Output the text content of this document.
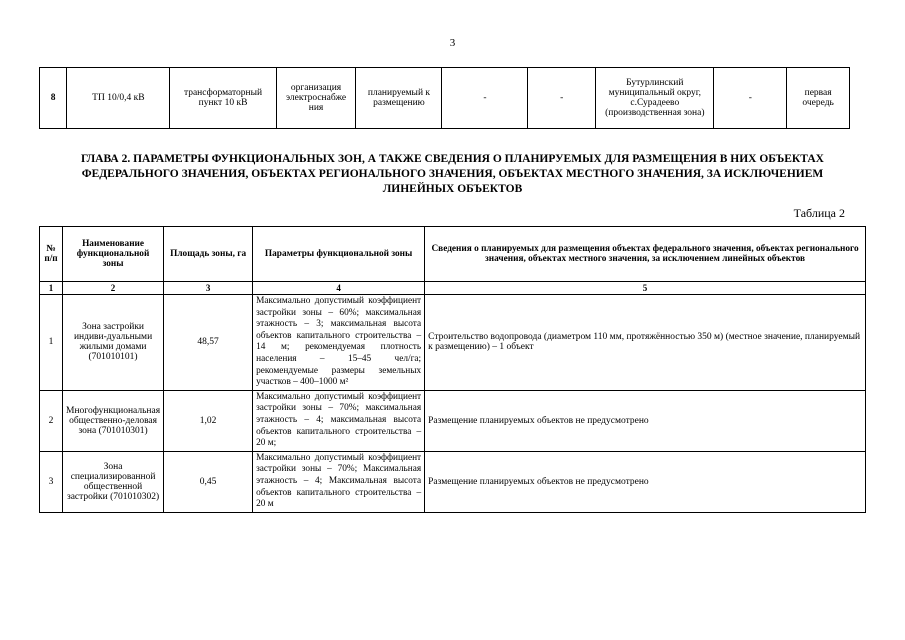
3
8	ТП 10/0,4 кВ	трансформаторный пункт 10 кВ	организация электроснабже ния	планируемый к размещению	-	-	Бутурлинский муниципальный округ, с.Сурадеево (производственная зона)	-	первая очередь
ГЛАВА 2. ПАРАМЕТРЫ ФУНКЦИОНАЛЬНЫХ ЗОН, А ТАКЖЕ СВЕДЕНИЯ О ПЛАНИРУЕМЫХ ДЛЯ РАЗМЕЩЕНИЯ В НИХ ОБЪЕКТАХ ФЕДЕРАЛЬНОГО ЗНАЧЕНИЯ, ОБЪЕКТАХ РЕГИОНАЛЬНОГО ЗНАЧЕНИЯ, ОБЪЕКТАХ МЕСТНОГО ЗНАЧЕНИЯ, ЗА ИСКЛЮЧЕНИЕМ ЛИНЕЙНЫХ ОБЪЕКТОВ
Таблица 2
№ п/п	Наименование функциональной зоны	Площадь зоны, га	Параметры функциональной зоны	Сведения о планируемых для размещения объектах федерального значения, объектах регионального значения, объектах местного значения, за исключением линейных объектов
1	2	3	4	5
1	Зона застройки индиви-дуальными жилыми домами (701010101)	48,57	Максимально допустимый коэффициент застройки зоны – 60%; максимальная этажность – 3; максимальная высота объектов капитального строительства – 14 м; рекомендуемая плотность населения – 15–45 чел/га; рекомендуемые размеры земельных участков – 400–1000 м²	Строительство водопровода (диаметром 110 мм, протяжённостью 350 м) (местное значение, планируемый к размещению) – 1 объект
2	Многофункциональная общественно-деловая зона (701010301)	1,02	Максимально допустимый коэффициент застройки зоны – 70%; максимальная этажность – 4; максимальная высота объектов капитального строительства – 20 м;	Размещение планируемых объектов не предусмотрено
3	Зона специализированной общественной застройки (701010302)	0,45	Максимально допустимый коэффициент застройки зоны – 70%; Максимальная этажность – 4; Максимальная высота объектов капитального строительства – 20 м	Размещение планируемых объектов не предусмотрено
